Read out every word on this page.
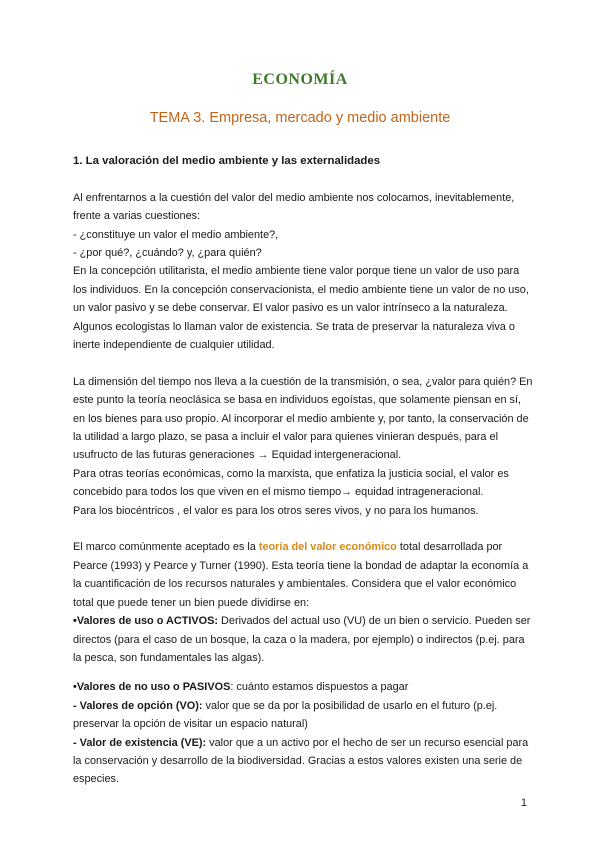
ECONOMÍA
TEMA 3. Empresa, mercado y medio ambiente
1. La valoración del medio ambiente y las externalidades

Al enfrentarnos a la cuestión del valor del medio ambiente nos colocamos, inevitablemente, frente a varias cuestiones:

- ¿constituye un valor el medio ambiente?,

- ¿por qué?, ¿cuándo? y, ¿para quién?

En la concepción utilitarista, el medio ambiente tiene valor porque tiene un valor de uso para los individuos. En la concepción conservacionista, el medio ambiente tiene un valor de no uso, un valor pasivo y se debe conservar. El valor pasivo es un valor intrínseco a la naturaleza. Algunos ecologistas lo llaman valor de existencia. Se trata de preservar la naturaleza viva o inerte independiente de cualquier utilidad.

La dimensión del tiempo nos lleva a la cuestión de la transmisión, o sea, ¿valor para quién? En este punto la teoría neoclásica se basa en individuos egoístas, que solamente piensan en sí, en los bienes para uso propio. Al incorporar el medio ambiente y, por tanto, la conservación de la utilidad a largo plazo, se pasa a incluir el valor para quienes vinieran después, para el usufructo de las futuras generaciones → Equidad intergeneracional.

Para otras teorías económicas, como la marxista, que enfatiza la justicia social, el valor es concebido para todos los que viven en el mismo tiempo→ equidad intrageneracional.

Para los biocéntricos , el valor es para los otros seres vivos, y no para los humanos.

El marco comúnmente aceptado es la teoría del valor económico total desarrollada por Pearce (1993) y Pearce y Turner (1990). Esta teoría tiene la bondad de adaptar la economía a la cuantificación de los recursos naturales y ambientales. Considera que el valor económico total que puede tener un bien puede dividirse en:

•Valores de uso o ACTIVOS: Derivados del actual uso (VU) de un bien o servicio. Pueden ser directos (para el caso de un bosque, la caza o la madera, por ejemplo) o indirectos (p.ej. para la pesca, son fundamentales las algas).

•Valores de no uso o PASIVOS: cuánto estamos dispuestos a pagar

- Valores de opción (VO): valor que se da por la posibilidad de usarlo en el futuro (p.ej. preservar la opción de visitar un espacio natural)

- Valor de existencia (VE): valor que a un activo por el hecho de ser un recurso esencial para la conservación y desarrollo de la biodiversidad. Gracias a estos valores existen una serie de especies.

1
